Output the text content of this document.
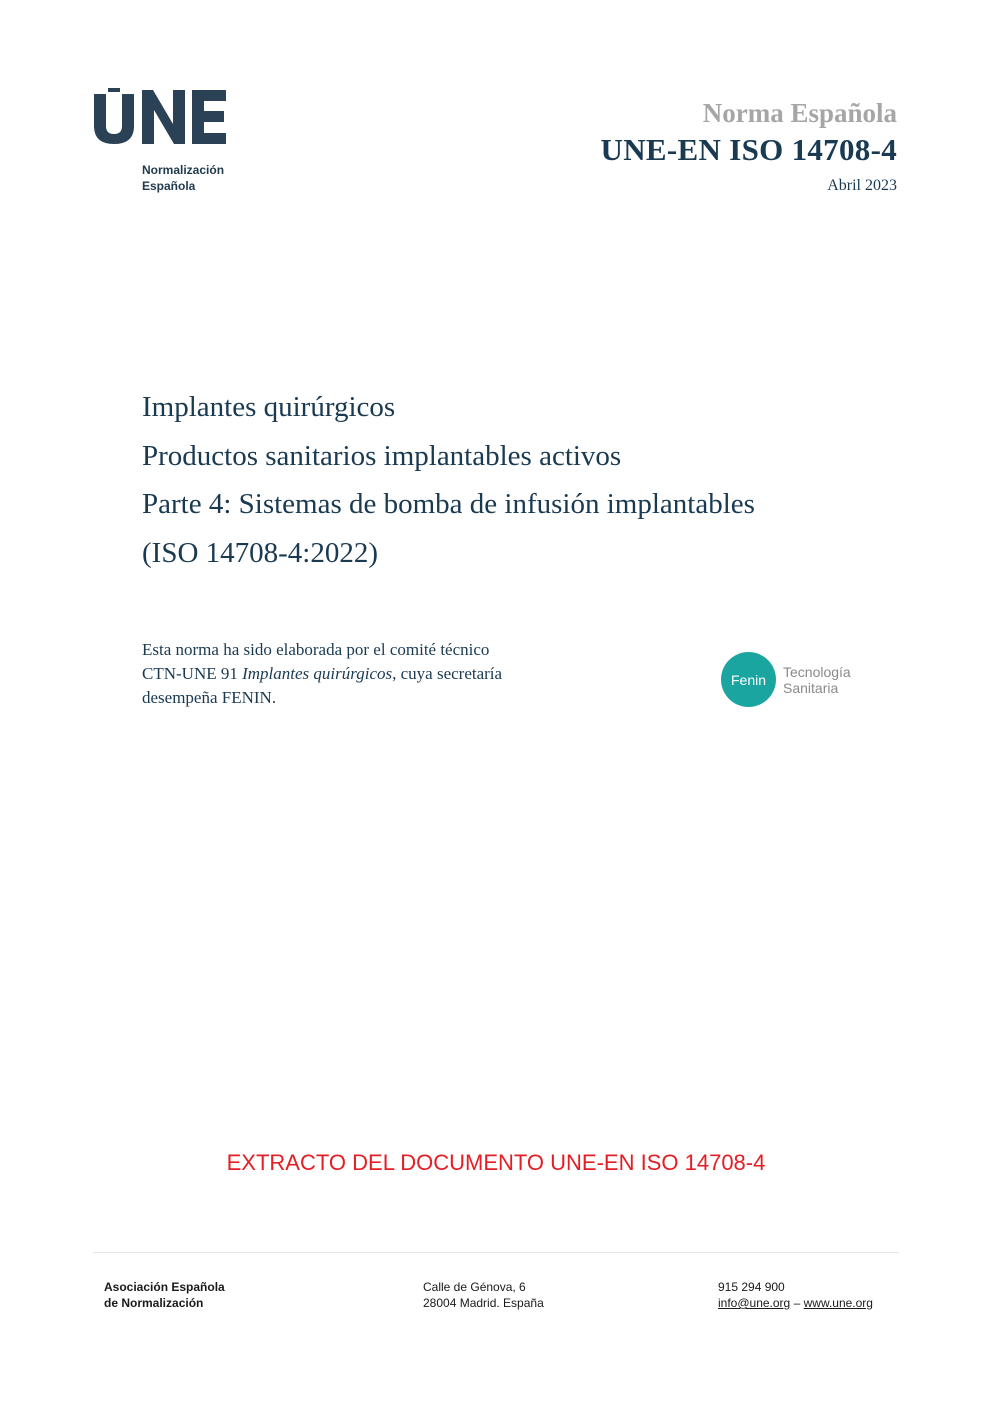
Normalización
Española
Norma Española
UNE-EN ISO 14708-4
Abril 2023
Implantes quirúrgicos
Productos sanitarios implantables activos
Parte 4: Sistemas de bomba de infusión implantables
(ISO 14708-4:2022)
Esta norma ha sido elaborada por el comité técnico
CTN-UNE 91 Implantes quirúrgicos, cuya secretaría
desempeña FENIN.
Fenin Tecnología
Sanitaria
EXTRACTO DEL DOCUMENTO UNE-EN ISO 14708-4
Asociación Española
de Normalización
Calle de Génova, 6
28004 Madrid. España
915 294 900
info@une.org – www.une.org
